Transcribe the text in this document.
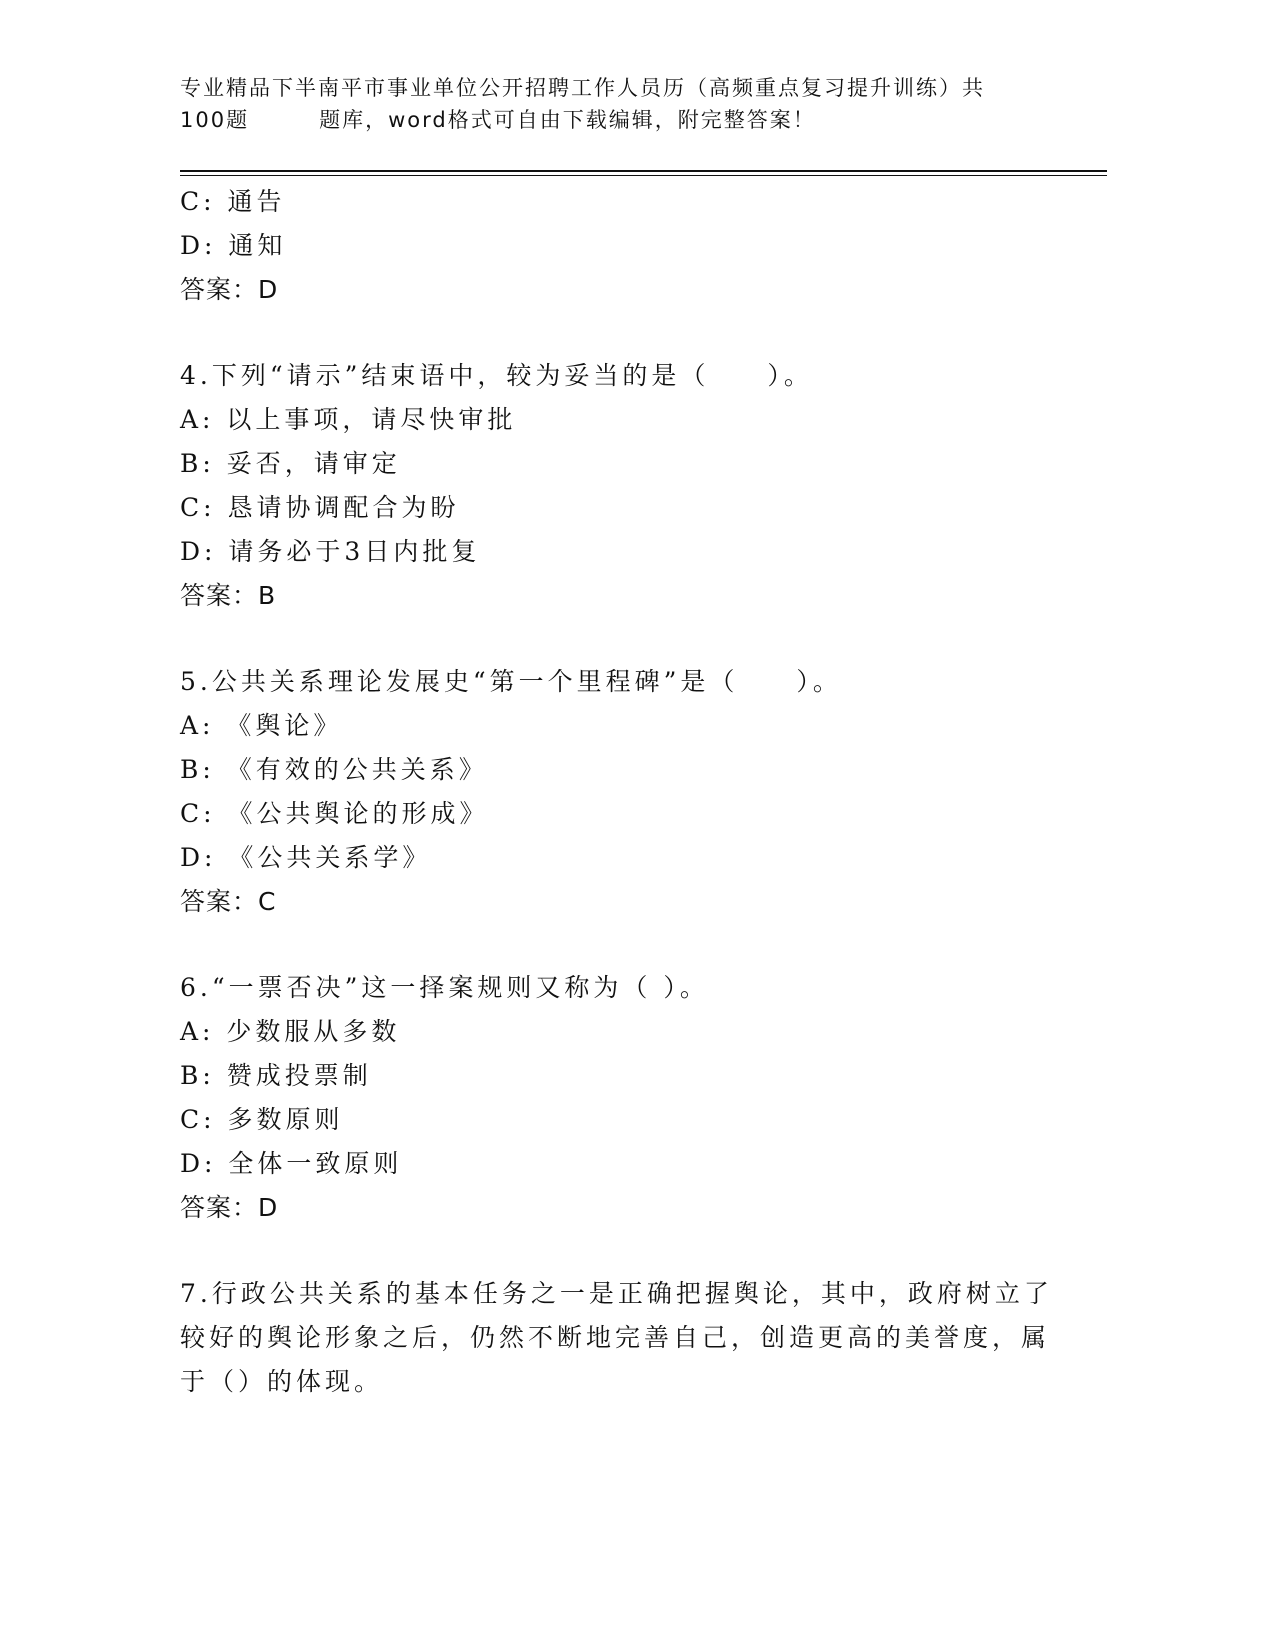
专业精品下半南平市事业单位公开招聘工作人员历（高频重点复习提升训练）共
100题	题库，word格式可自由下载编辑，附完整答案！
C: 通告
D: 通知
答案：D
4.下列“请示”结束语中，较为妥当的是（　　）。
A: 以上事项，请尽快审批
B: 妥否，请审定
C: 恳请协调配合为盼
D: 请务必于3日内批复
答案：B
5.公共关系理论发展史“第一个里程碑”是（　　）。
A: 《舆论》
B: 《有效的公共关系》
C: 《公共舆论的形成》
D: 《公共关系学》
答案：C
6.“一票否决”这一择案规则又称为（ ）。
A: 少数服从多数
B: 赞成投票制
C: 多数原则
D: 全体一致原则
答案：D
7.行政公共关系的基本任务之一是正确把握舆论，其中，政府树立了
较好的舆论形象之后，仍然不断地完善自己，创造更高的美誉度，属
于（）的体现。
